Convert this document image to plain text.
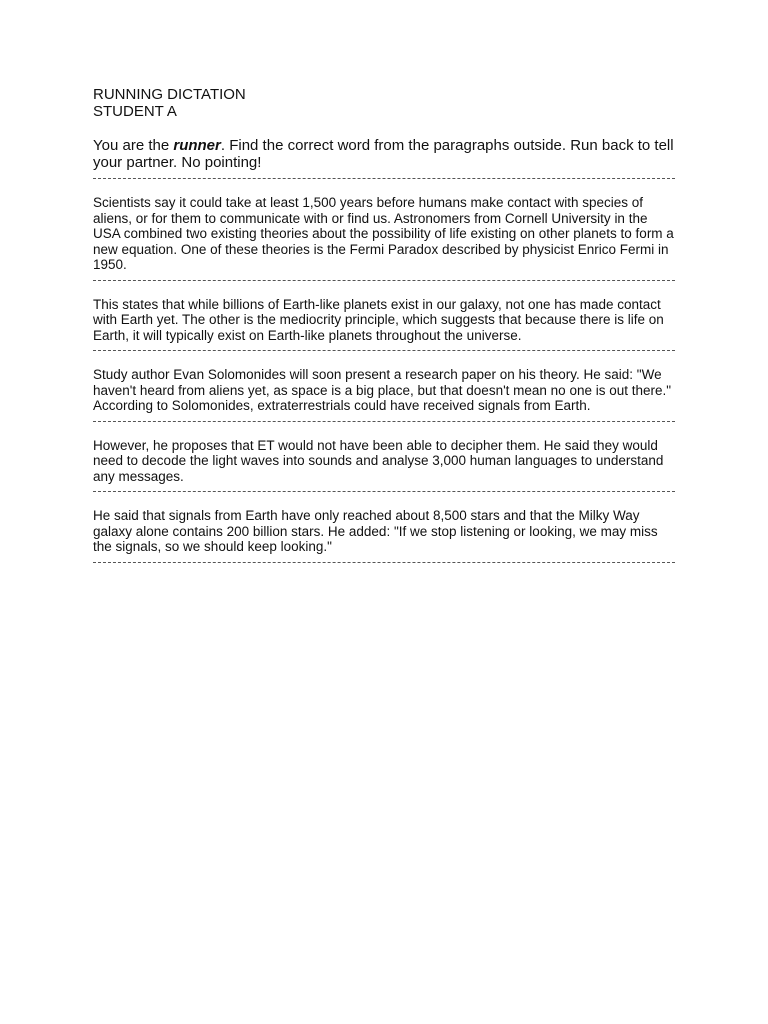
RUNNING DICTATION

STUDENT A

You are the runner. Find the correct word from the paragraphs outside. Run back to tell your partner. No pointing!

Scientists say it could take at least 1,500 years before humans make contact with species of aliens, or for them to communicate with or find us. Astronomers from Cornell University in the USA combined two existing theories about the possibility of life existing on other planets to form a new equation. One of these theories is the Fermi Paradox described by physicist Enrico Fermi in 1950.

This states that while billions of Earth-like planets exist in our galaxy, not one has made contact with Earth yet. The other is the mediocrity principle, which suggests that because there is life on Earth, it will typically exist on Earth-like planets throughout the universe.

Study author Evan Solomonides will soon present a research paper on his theory. He said: "We haven't heard from aliens yet, as space is a big place, but that doesn't mean no one is out there." According to Solomonides, extraterrestrials could have received signals from Earth.

However, he proposes that ET would not have been able to decipher them. He said they would need to decode the light waves into sounds and analyse 3,000 human languages to understand any messages.

He said that signals from Earth have only reached about 8,500 stars and that the Milky Way galaxy alone contains 200 billion stars. He added: "If we stop listening or looking, we may miss the signals, so we should keep looking."
